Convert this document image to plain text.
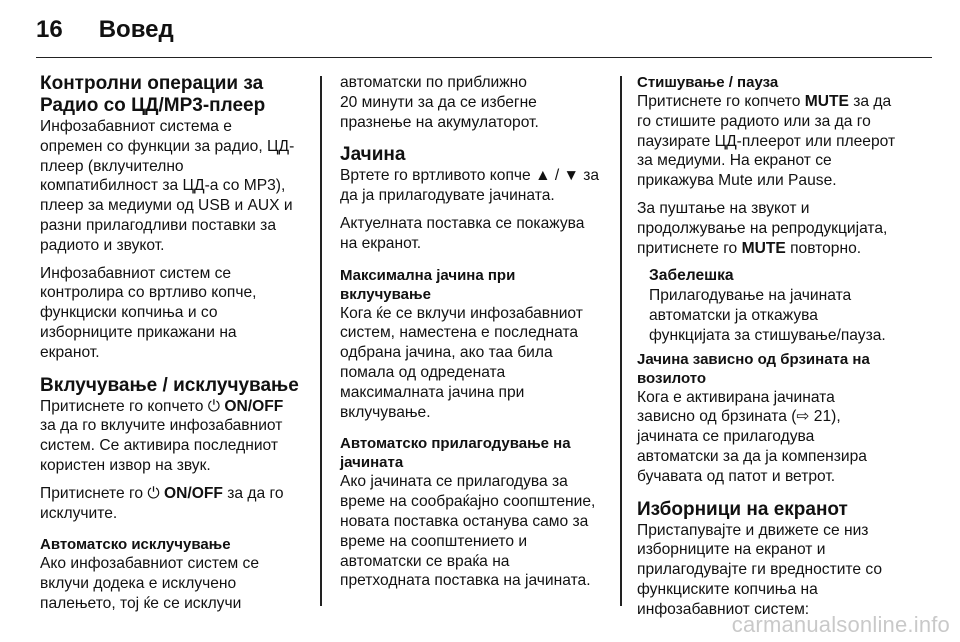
16 Вовед
Контролни операции за
Радио со ЦД/MP3-плеер
Инфозабавниот система е
опремен со функции за радио, ЦД-
плеер (вклучително
компатибилност за ЦД-а со MP3),
плеер за медиуми од USB и AUX и
разни прилагодливи поставки за
радиото и звукот.
Инфозабавниот систем се
контролира со вртливо копче,
функциски копчиња и со
изборниците прикажани на
екранот.
Вклучување / исклучување
Притиснете го копчето ⏻ ON/OFF
за да го вклучите инфозабавниот
систем. Се активира последниот
користен извор на звук.
Притиснете го ⏻ ON/OFF за да го
исклучите.
Автоматско исклучување
Ако инфозабавниот систем се
вклучи додека е исклучено
палењето, тој ќе се исклучи
автоматски по приближно
20 минути за да се избегне
празнење на акумулаторот.
Јачина
Вртете го вртливото копче ▲ / ▼ за
да ја прилагодувате јачината.
Актуелната поставка се покажува
на екранот.
Максимална јачина при
вклучување
Кога ќе се вклучи инфозабавниот
систем, наместена е последната
одбрана јачина, ако таа била
помала од одредената
максималната јачина при
вклучување.
Автоматско прилагодување на
јачината
Ако јачината се прилагодува за
време на сообраќајно соопштение,
новата поставка останува само за
време на соопштението и
автоматски се враќа на
претходната поставка на јачината.
Стишување / пауза
Притиснете го копчето MUTE за да
го стишите радиото или за да го
паузирате ЦД-плеерот или плеерот
за медиуми. На екранот се
прикажува Mute или Pause.
За пуштање на звукот и
продолжување на репродукцијата,
притиснете го MUTE повторно.
Забелешка
Прилагодување на јачината
автоматски ја откажува
функцијата за стишување/пауза.
Јачина зависно од брзината на
возилото
Кога е активирана јачината
зависно од брзината (⇨ 21),
јачината се прилагодува
автоматски за да ја компензира
бучавата од патот и ветрот.
Изборници на екранот
Пристапувајте и движете се низ
изборниците на екранот и
прилагодувајте ги вредностите со
функциските копчиња на
инфозабавниот систем:
carmanualsonline.info
